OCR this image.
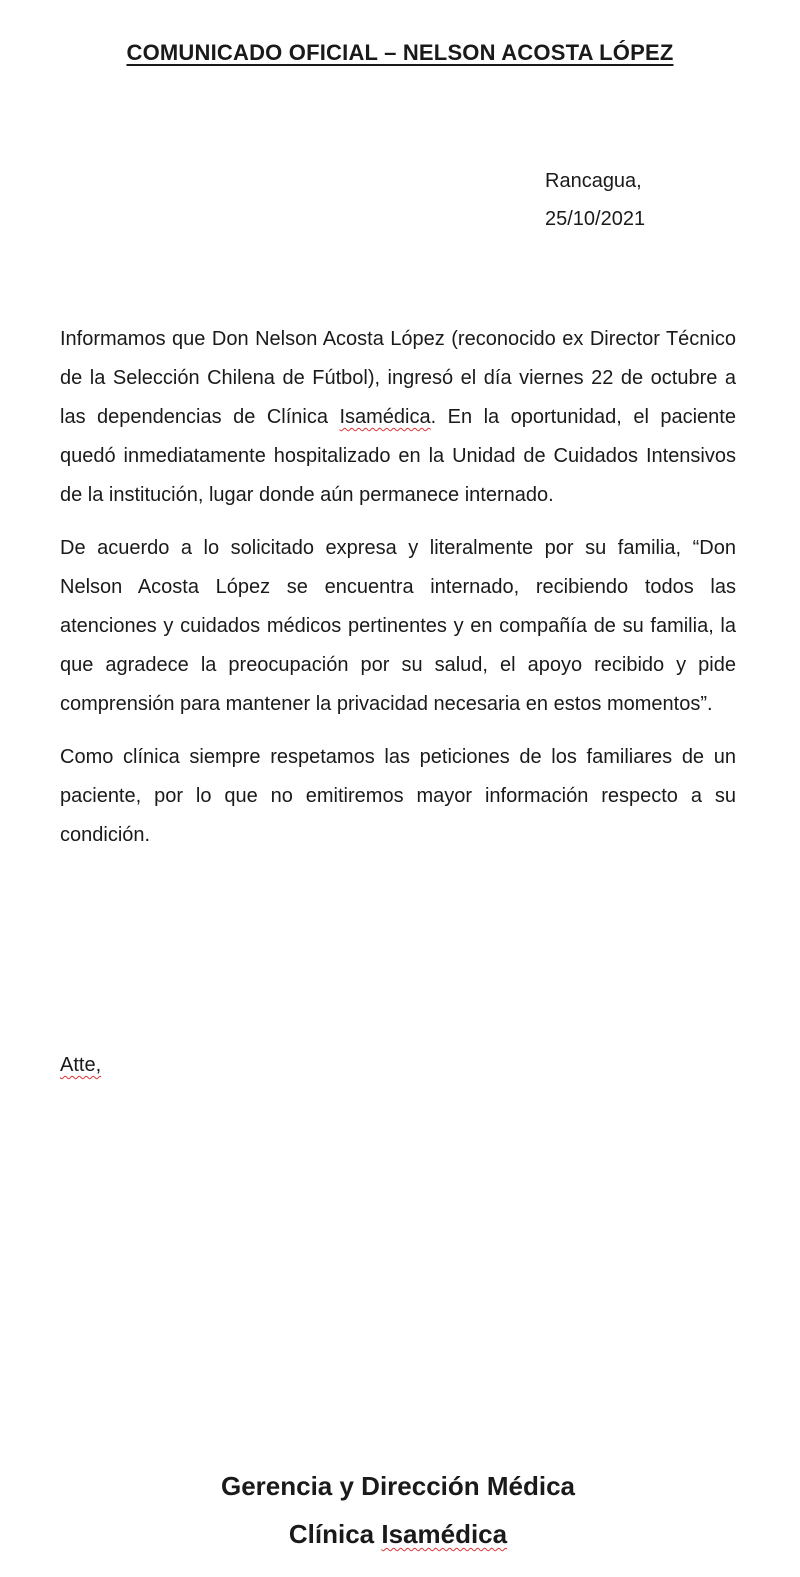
COMUNICADO OFICIAL – NELSON ACOSTA LÓPEZ
Rancagua,
25/10/2021

Informamos que Don Nelson Acosta López (reconocido ex Director Técnico de la Selección Chilena de Fútbol), ingresó el día viernes 22 de octubre a las dependencias de Clínica Isamédica. En la oportunidad, el paciente quedó inmediatamente hospitalizado en la Unidad de Cuidados Intensivos de la institución, lugar donde aún permanece internado.

De acuerdo a lo solicitado expresa y literalmente por su familia, “Don Nelson Acosta López se encuentra internado, recibiendo todos las atenciones y cuidados médicos pertinentes y en compañía de su familia, la que agradece la preocupación por su salud, el apoyo recibido y pide comprensión para mantener la privacidad necesaria en estos momentos”.

Como clínica siempre respetamos las peticiones de los familiares de un paciente, por lo que no emitiremos mayor información respecto a su condición.

Atte,
Gerencia y Dirección Médica
Clínica Isamédica
